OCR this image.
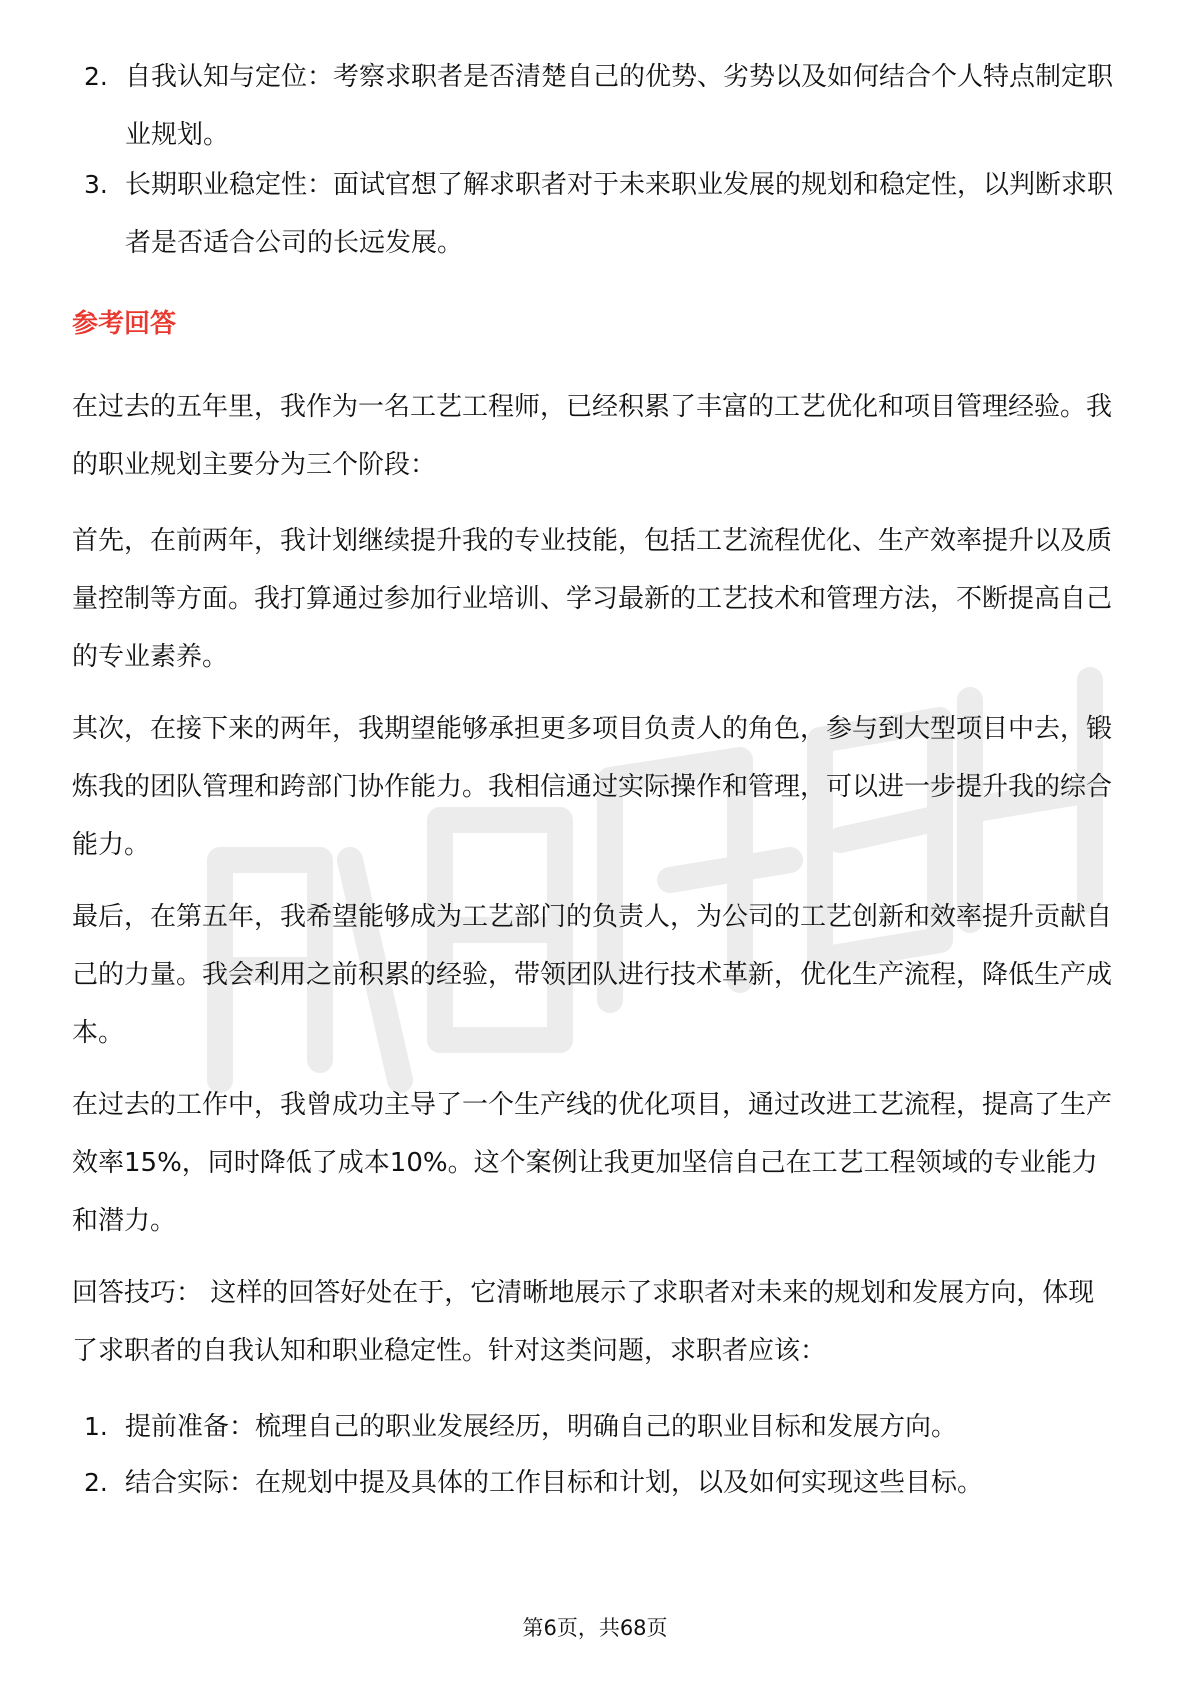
2. 自我认知与定位：考察求职者是否清楚自己的优势、劣势以及如何结合个人特点制定职业规划。

3. 长期职业稳定性：面试官想了解求职者对于未来职业发展的规划和稳定性，以判断求职者是否适合公司的长远发展。

参考回答

在过去的五年里，我作为一名工艺工程师，已经积累了丰富的工艺优化和项目管理经验。我的职业规划主要分为三个阶段：

首先，在前两年，我计划继续提升我的专业技能，包括工艺流程优化、生产效率提升以及质量控制等方面。我打算通过参加行业培训、学习最新的工艺技术和管理方法，不断提高自己的专业素养。

其次，在接下来的两年，我期望能够承担更多项目负责人的角色，参与到大型项目中去，锻炼我的团队管理和跨部门协作能力。我相信通过实际操作和管理，可以进一步提升我的综合能力。

最后，在第五年，我希望能够成为工艺部门的负责人，为公司的工艺创新和效率提升贡献自己的力量。我会利用之前积累的经验，带领团队进行技术革新，优化生产流程，降低生产成本。

在过去的工作中，我曾成功主导了一个生产线的优化项目，通过改进工艺流程，提高了生产效率15%，同时降低了成本10%。这个案例让我更加坚信自己在工艺工程领域的专业能力和潜力。

回答技巧： 这样的回答好处在于，它清晰地展示了求职者对未来的规划和发展方向，体现了求职者的自我认知和职业稳定性。针对这类问题，求职者应该：

1. 提前准备：梳理自己的职业发展经历，明确自己的职业目标和发展方向。

2. 结合实际：在规划中提及具体的工作目标和计划，以及如何实现这些目标。

第6页，共68页
